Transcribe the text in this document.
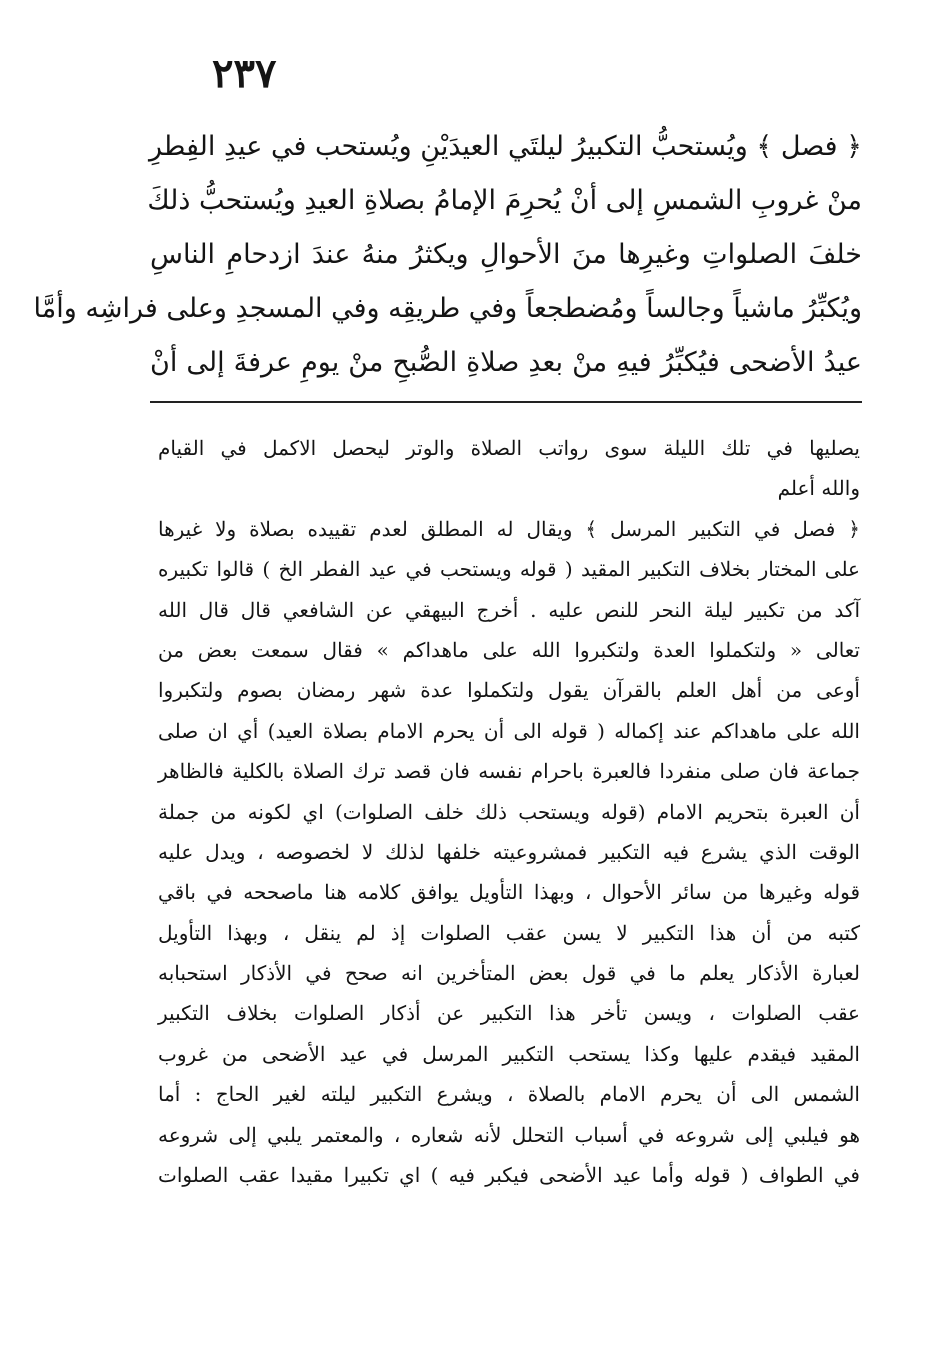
٢٣٧
﴿ فصل ﴾ ويُستحبُّ التكبيرُ ليلتَي العيدَيْنِ ويُستحب في عيدِ الفِطرِ
منْ غروبِ الشمسِ إلى أنْ يُحرِمَ الإمامُ بصلاةِ العيدِ ويُستحبُّ ذلكَ
خلفَ الصلواتِ وغيرِها منَ الأحوالِ ويكثرُ منهُ عندَ ازدحامِ الناسِ
ويُكبِّرُ ماشياً وجالساً ومُضطجعاً وفي طريقِه وفي المسجدِ وعلى فراشِه وأمَّا
عيدُ الأضحى فيُكبِّرُ فيهِ منْ بعدِ صلاةِ الصُّبحِ منْ يومِ عرفةَ إلى أنْ
يصليها في تلك الليلة سوى رواتب الصلاة والوتر ليحصل الاكمل في القيام
والله أعلم
﴿ فصل في التكبير المرسل ﴾ ويقال له المطلق لعدم تقييده بصلاة ولا غيرها
على المختار بخلاف التكبير المقيد ( قوله ويستحب في عيد الفطر الخ ) قالوا تكبيره
آكد من تكبير ليلة النحر للنص عليه . أخرج البيهقي عن الشافعي قال قال الله
تعالى « ولتكملوا العدة ولتكبروا الله على ماهداكم » فقال سمعت بعض من
أوعى من أهل العلم بالقرآن يقول ولتكملوا عدة شهر رمضان بصوم ولتكبروا
الله على ماهداكم عند إكماله ( قوله الى أن يحرم الامام بصلاة العيد) أي ان صلى
جماعة فان صلى منفردا فالعبرة باحرام نفسه فان قصد ترك الصلاة بالكلية فالظاهر
أن العبرة بتحريم الامام (قوله ويستحب ذلك خلف الصلوات) اي لكونه من جملة
الوقت الذي يشرع فيه التكبير فمشروعيته خلفها لذلك لا لخصوصه ، ويدل عليه
قوله وغيرها من سائر الأحوال ، وبهذا التأويل يوافق كلامه هنا ماصححه في باقي
كتبه من أن هذا التكبير لا يسن عقب الصلوات إذ لم ينقل ، وبهذا التأويل
لعبارة الأذكار يعلم ما في قول بعض المتأخرين انه صحح في الأذكار استحبابه
عقب الصلوات ، ويسن تأخر هذا التكبير عن أذكار الصلوات بخلاف التكبير
المقيد فيقدم عليها وكذا يستحب التكبير المرسل في عيد الأضحى من غروب
الشمس الى أن يحرم الامام بالصلاة ، ويشرع التكبير ليلته لغير الحاج : أما
هو فيلبي إلى شروعه في أسباب التحلل لأنه شعاره ، والمعتمر يلبي إلى شروعه
في الطواف ( قوله وأما عيد الأضحى فيكبر فيه ) اي تكبيرا مقيدا عقب الصلوات
